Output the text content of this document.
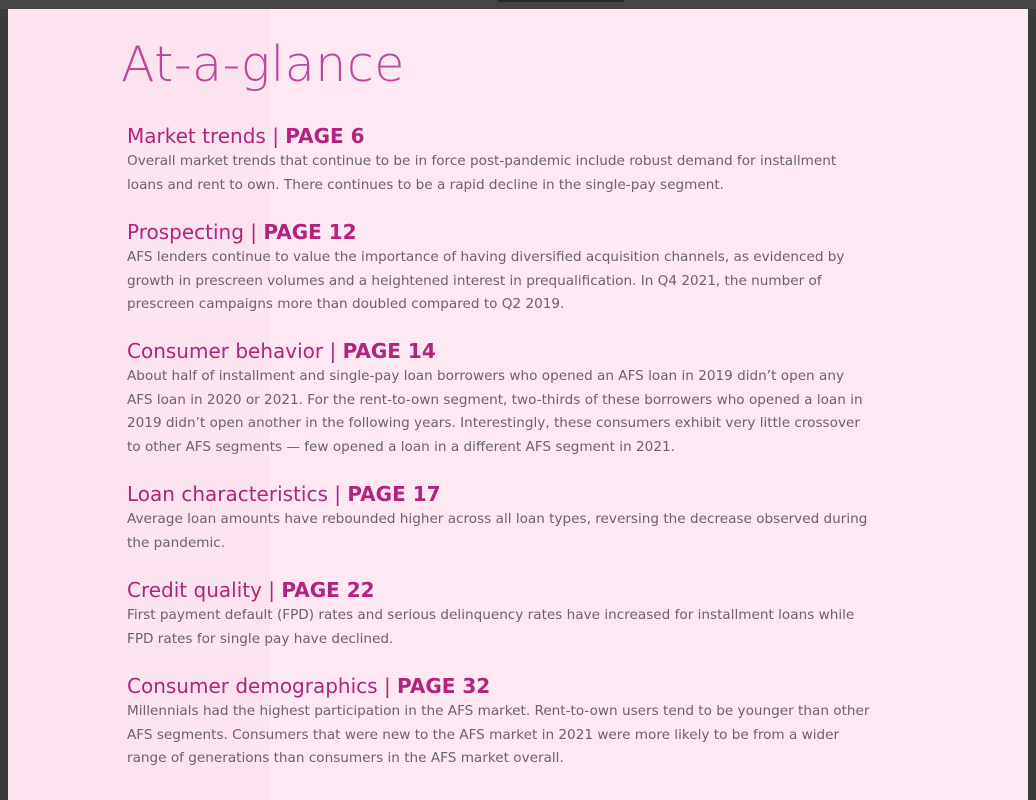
At-a-glance
Market trends | PAGE 6

Overall market trends that continue to be in force post-pandemic include robust demand for installment loans and rent to own. There continues to be a rapid decline in the single-pay segment.

Prospecting | PAGE 12

AFS lenders continue to value the importance of having diversified acquisition channels, as evidenced by growth in prescreen volumes and a heightened interest in prequalification. In Q4 2021, the number of prescreen campaigns more than doubled compared to Q2 2019.

Consumer behavior | PAGE 14

About half of installment and single-pay loan borrowers who opened an AFS loan in 2019 didn’t open any AFS loan in 2020 or 2021. For the rent-to-own segment, two-thirds of these borrowers who opened a loan in 2019 didn’t open another in the following years. Interestingly, these consumers exhibit very little crossover to other AFS segments — few opened a loan in a different AFS segment in 2021.

Loan characteristics | PAGE 17

Average loan amounts have rebounded higher across all loan types, reversing the decrease observed during the pandemic.

Credit quality | PAGE 22

First payment default (FPD) rates and serious delinquency rates have increased for installment loans while FPD rates for single pay have declined.

Consumer demographics | PAGE 32

Millennials had the highest participation in the AFS market. Rent-to-own users tend to be younger than other AFS segments. Consumers that were new to the AFS market in 2021 were more likely to be from a wider range of generations than consumers in the AFS market overall.
